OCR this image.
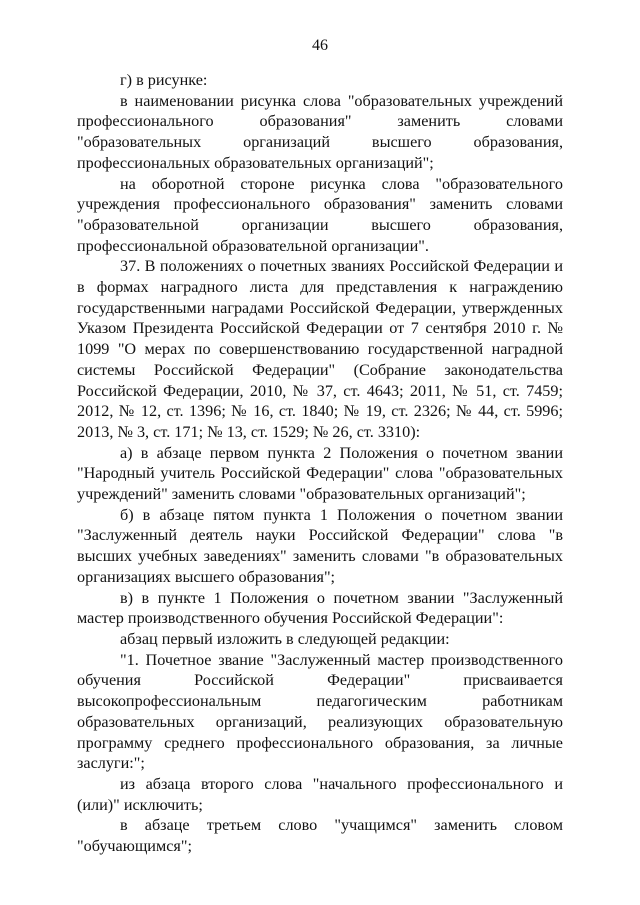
46

г) в рисунке:

в наименовании рисунка слова "образовательных учреждений профессионального образования" заменить словами "образовательных организаций высшего образования, профессиональных образовательных организаций";

на оборотной стороне рисунка слова "образовательного учреждения профессионального образования" заменить словами "образовательной организации высшего образования, профессиональной образовательной организации".

37. В положениях о почетных званиях Российской Федерации и в формах наградного листа для представления к награждению государственными наградами Российской Федерации, утвержденных Указом Президента Российской Федерации от 7 сентября 2010 г. № 1099 "О мерах по совершенствованию государственной наградной системы Российской Федерации" (Собрание законодательства Российской Федерации, 2010, № 37, ст. 4643; 2011, № 51, ст. 7459; 2012, № 12, ст. 1396; № 16, ст. 1840; № 19, ст. 2326; № 44, ст. 5996; 2013, № 3, ст. 171; № 13, ст. 1529; № 26, ст. 3310):

а) в абзаце первом пункта 2 Положения о почетном звании "Народный учитель Российской Федерации" слова "образовательных учреждений" заменить словами "образовательных организаций";

б) в абзаце пятом пункта 1 Положения о почетном звании "Заслуженный деятель науки Российской Федерации" слова "в высших учебных заведениях" заменить словами "в образовательных организациях высшего образования";

в) в пункте 1 Положения о почетном звании "Заслуженный мастер производственного обучения Российской Федерации":

абзац первый изложить в следующей редакции:

"1. Почетное звание "Заслуженный мастер производственного обучения Российской Федерации" присваивается высокопрофессиональным педагогическим работникам образовательных организаций, реализующих образовательную программу среднего профессионального образования, за личные заслуги:";

из абзаца второго слова "начального профессионального и (или)" исключить;

в абзаце третьем слово "учащимся" заменить словом "обучающимся";
